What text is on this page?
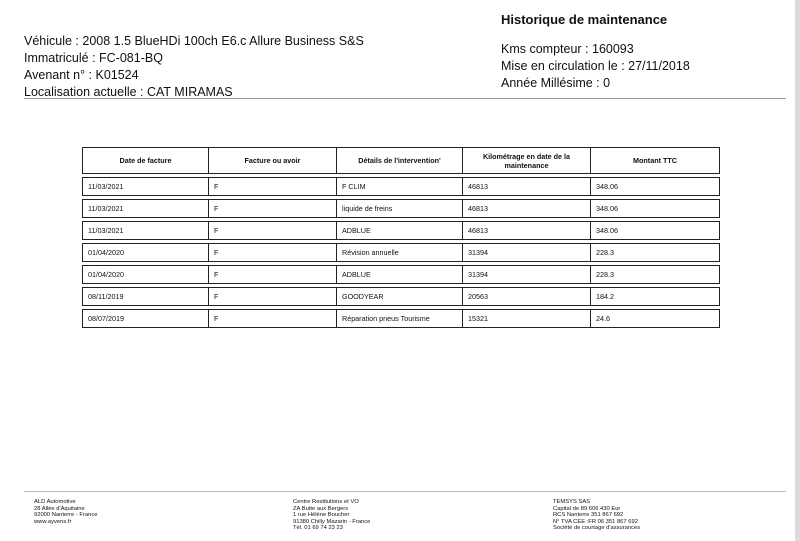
Véhicule : 2008 1.5 BlueHDi 100ch E6.c Allure Business S&S
Immatriculé : FC-081-BQ
Avenant n° : K01524
Localisation actuelle : CAT MIRAMAS
Historique de maintenance
Kms compteur : 160093
Mise en circulation le : 27/11/2018
Année Millésime : 0
Date de facture	Facture ou avoir	Détails de l'intervention'	Kilométrage en date de la maintenance	Montant TTC
11/03/2021	F	F CLIM	46813	348.06
11/03/2021	F	liquide de freins	46813	348.06
11/03/2021	F	ADBLUE	46813	348.06
01/04/2020	F	Révision annuelle	31394	228.3
01/04/2020	F	ADBLUE	31394	228.3
08/11/2019	F	GOODYEAR	20563	184.2
08/07/2019	F	Réparation pneus Tourisme	15321	24.6
ALD Automotive
28 Allée d'Aquitaine
92000 Nanterre - France
www.ayvens.fr
Centre Restitutions et VO
ZA Butte aux Bergers
1 rue Hélène Boucher
91380 Chilly Mazarin - France
Tél. 01 69 74 23 23
TEMSYS SAS
Capital de 89 606 430 Eur
RCS Nanterre 351 867 692
N° TVA CEE :FR 06 351 867 692
Société de courtage d'assurances
